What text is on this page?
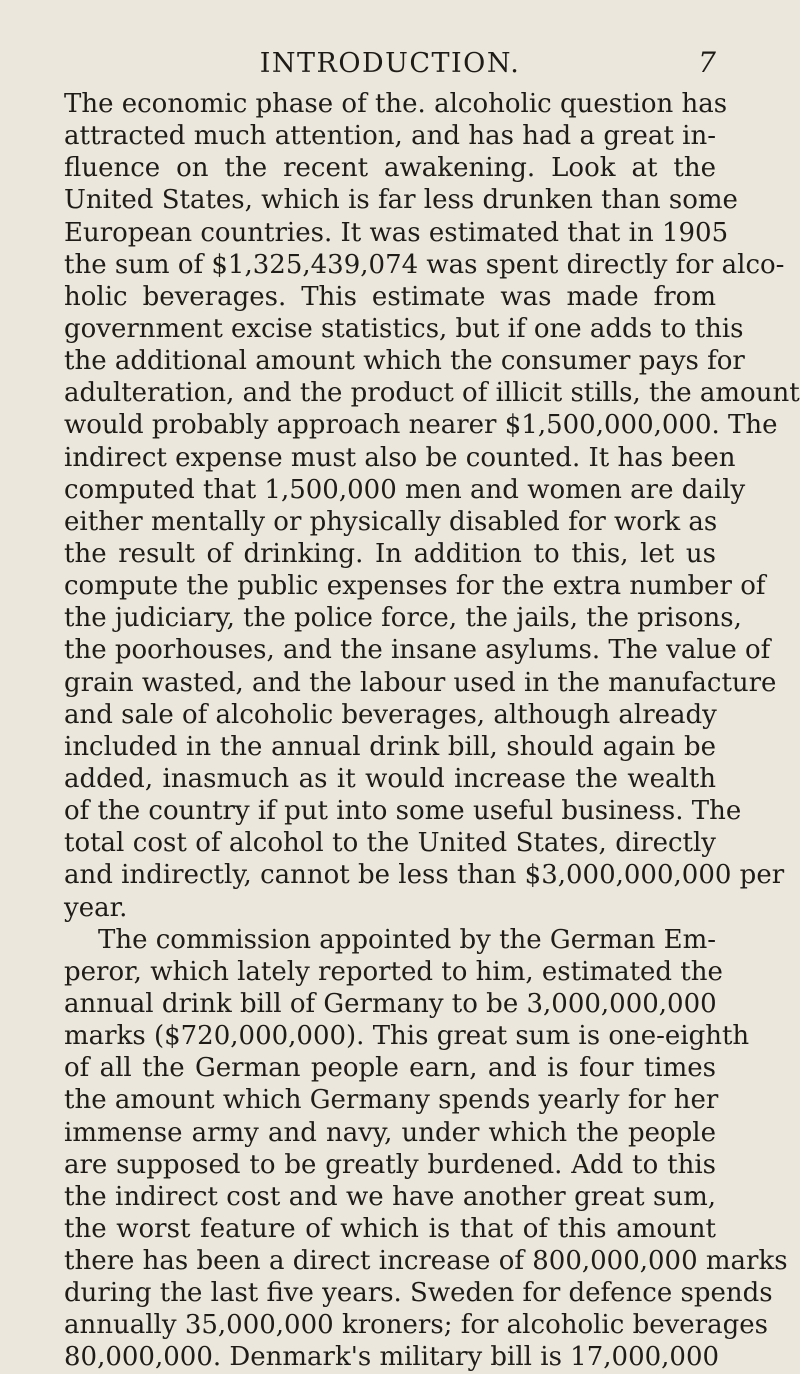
INTRODUCTION.	7
The economic phase of the. alcoholic question has
attracted much attention, and has had a great in-
fluence on the recent awakening. Look at the
United States, which is far less drunken than some
European countries. It was estimated that in 1905
the sum of $1,325,439,074 was spent directly for alco-
holic beverages. This estimate was made from
government excise statistics, but if one adds to this
the additional amount which the consumer pays for
adulteration, and the product of illicit stills, the amount
would probably approach nearer $1,500,000,000. The
indirect expense must also be counted. It has been
computed that 1,500,000 men and women are daily
either mentally or physically disabled for work as
the result of drinking. In addition to this, let us
compute the public expenses for the extra number of
the judiciary, the police force, the jails, the prisons,
the poorhouses, and the insane asylums. The value of
grain wasted, and the labour used in the manufacture
and sale of alcoholic beverages, although already
included in the annual drink bill, should again be
added, inasmuch as it would increase the wealth
of the country if put into some useful business. The
total cost of alcohol to the United States, directly
and indirectly, cannot be less than $3,000,000,000 per
year.
The commission appointed by the German Em-
peror, which lately reported to him, estimated the
annual drink bill of Germany to be 3,000,000,000
marks ($720,000,000). This great sum is one-eighth
of all the German people earn, and is four times
the amount which Germany spends yearly for her
immense army and navy, under which the people
are supposed to be greatly burdened. Add to this
the indirect cost and we have another great sum,
the worst feature of which is that of this amount
there has been a direct increase of 800,000,000 marks
during the last five years. Sweden for defence spends
annually 35,000,000 kroners; for alcoholic beverages
80,000,000. Denmark's military bill is 17,000,000
